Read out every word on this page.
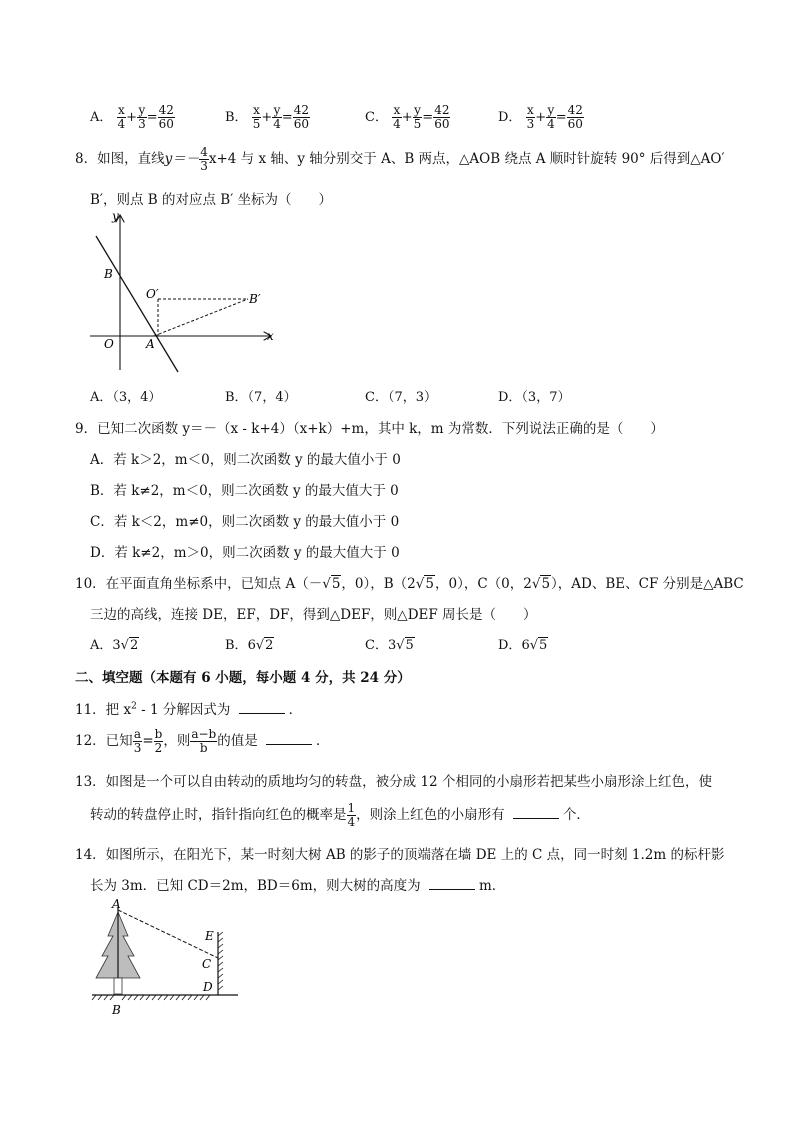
A． $\frac{x}{4} + \frac{y}{3} = \frac{42}{60}$	B． $\frac{x}{5} + \frac{y}{4} = \frac{42}{60}$	C． $\frac{x}{4} + \frac{y}{5} = \frac{42}{60}$	D． $\frac{x}{3} + \frac{y}{4} = \frac{42}{60}$
8．如图，直线$y=- \frac{4}{3} x+4$ 与 x 轴、y 轴分别交于 A、B 两点，△AOB 绕点 A 顺时针旋转 90° 后得到△AO′
B′，则点 B 的对应点 B′ 坐标为（　　）
y
x
B
O′	B′
O	A
A．（3，4）	B．（7，4）	C．（7，3）	D．（3，7）
9．已知二次函数 y＝－（x - k+4）（x+k）+m，其中 k，m 为常数．下列说法正确的是（　　）
A．若 k＞2，m＜0，则二次函数 y 的最大值小于 0
B．若 k≠2，m＜0，则二次函数 y 的最大值大于 0
C．若 k＜2，m≠0，则二次函数 y 的最大值小于 0
D．若 k≠2，m＞0，则二次函数 y 的最大值大于 0
10．在平面直角坐标系中，已知点 A（－√5，0），B（2√5，0），C（0，2√5），AD、BE、CF 分别是△ABC
三边的高线，连接 DE，EF，DF，得到△DEF，则△DEF 周长是（　　）
A．3√2	B．6√2	C．3√5	D．6√5
二、填空题（本题有 6 小题，每小题 4 分，共 24 分）
11．把 $x^2 - 1$ 分解因式为	．
12．已知 $\frac{a}{3} = \frac{b}{2}$ ，则 $\frac{a-b}{b}$ 的值是	．
13．如图是一个可以自由转动的质地均匀的转盘，被分成 12 个相同的小扇形若把某些小扇形涂上红色，使
转动的转盘停止时，指针指向红色的概率是 $\frac{1}{4}$ ，则涂上红色的小扇形有	个．
14．如图所示，在阳光下，某一时刻大树 AB 的影子的顶端落在墙 DE 上的 C 点，同一时刻 1.2m 的标杆影
长为 3m．已知 CD＝2m，BD＝6m，则大树的高度为	m．
A
E
C
D
B
